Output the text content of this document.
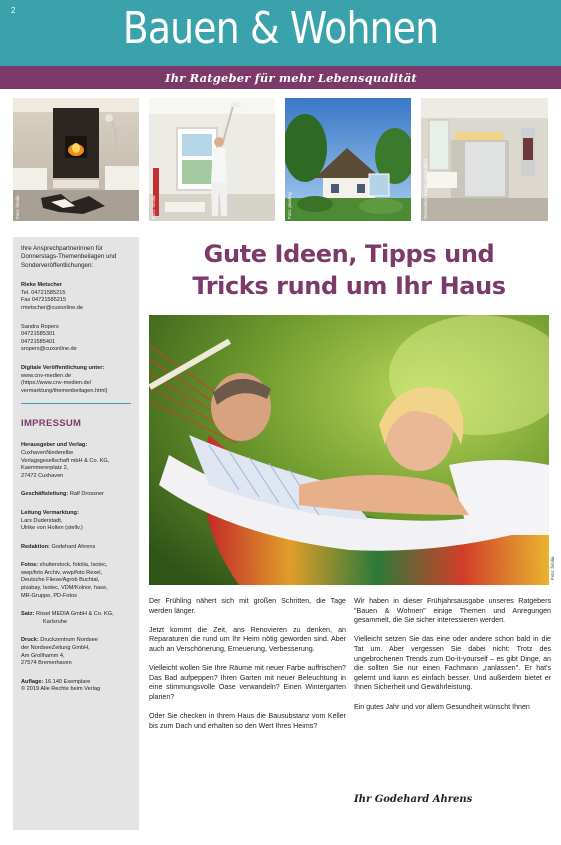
2	Bauen & Wohnen
Ihr Ratgeber für mehr Lebensqualität
Foto: fotolia	Foto: fotolia	Foto: pixabay	Deutsches Bauen AgenturBild
Ihre Ansprechpartnerinnen für Donnerstags-Themenbeilagen und Sonderveröffentlichungen:
Rieke Metscher
Tel. 04721585215
Fax 04721585215
rmetscher@cuxonline.de
Sandra Ropers
04721585301
04721585401
sropers@cuxonline.de
Digitale Veröffentlichung unter:
www.cnv-medien.de
(https://www.cnv-medien.de/
vermarktung/themenbeilagen.html)
IMPRESSUM
Herausgeber und Verlag:
CuxhavenNiederelbe
Verlagsgesellschaft mbH & Co. KG,
Kaemmererplatz 2,
27472 Cuxhaven
Geschäftsleitung: Ralf Drossner
Leitung Vermarktung:
Lars Duderstadt,
Ulrike von Holten (stellv.)
Redaktion: Godehard Ahrens
Fotos: shutterstock, fotolia, Isotec,
wwp/foto Archiv, wwp/foto Rexel,
Deutsche Fliese/Agrob Buchtal,
pixabay, Isotec, VDM/Kolnor, hase,
MR-Gruppe, PD-Fotos
Satz: Rösel MEDIA GmbH & Co. KG,
Karlsruhe
Druck: Druckzentrum Nordsee
der NordseeZeitung GmbH,
Am Grollhamm 4,
27574 Bremerhaven
Auflage: 16.140 Exemplare
© 2019 Alle Rechte beim Verlag
Gute Ideen, Tipps und
Tricks rund um Ihr Haus
Foto: fotolia

Der Frühling nähert sich mit großen Schritten, die Tage werden länger.

Jetzt kommt die Zeit, ans Renovieren zu denken, an Reparaturen die rund um Ihr Heim nötig geworden sind. Aber auch an Verschönerung, Erneuerung, Verbesserung.

Vielleicht wollen Sie Ihre Räume mit neuer Farbe auffrischen? Das Bad aufpeppen? Ihren Garten mit neuer Beleuchtung in eine stimmungsvolle Oase verwandeln? Einen Wintergarten planen?

Oder Sie checken in Ihrem Haus die Bausubstanz vom Keller bis zum Dach und erhalten so den Wert Ihres Heims?

Wir haben in dieser Frühjahrsausgabe unseres Ratgebers "Bauen & Wohnen" einige Themen und Anregungen gesammelt, die Sie sicher interessieren werden.

Vielleicht setzen Sie das eine oder andere schon bald in die Tat um. Aber vergessen Sie dabei nicht: Trotz des ungebrochenen Trends zum Do-it-yourself – es gibt Dinge, an die sollten Sie nur einen Fachmann „ranlassen". Er hat's gelernt und kann es einfach besser. Und außerdem bietet er Ihnen Sicherheit und Gewährleistung.

Ein gutes Jahr und vor allem Gesundheit wünscht Ihnen

Ihr Godehard Ahrens
